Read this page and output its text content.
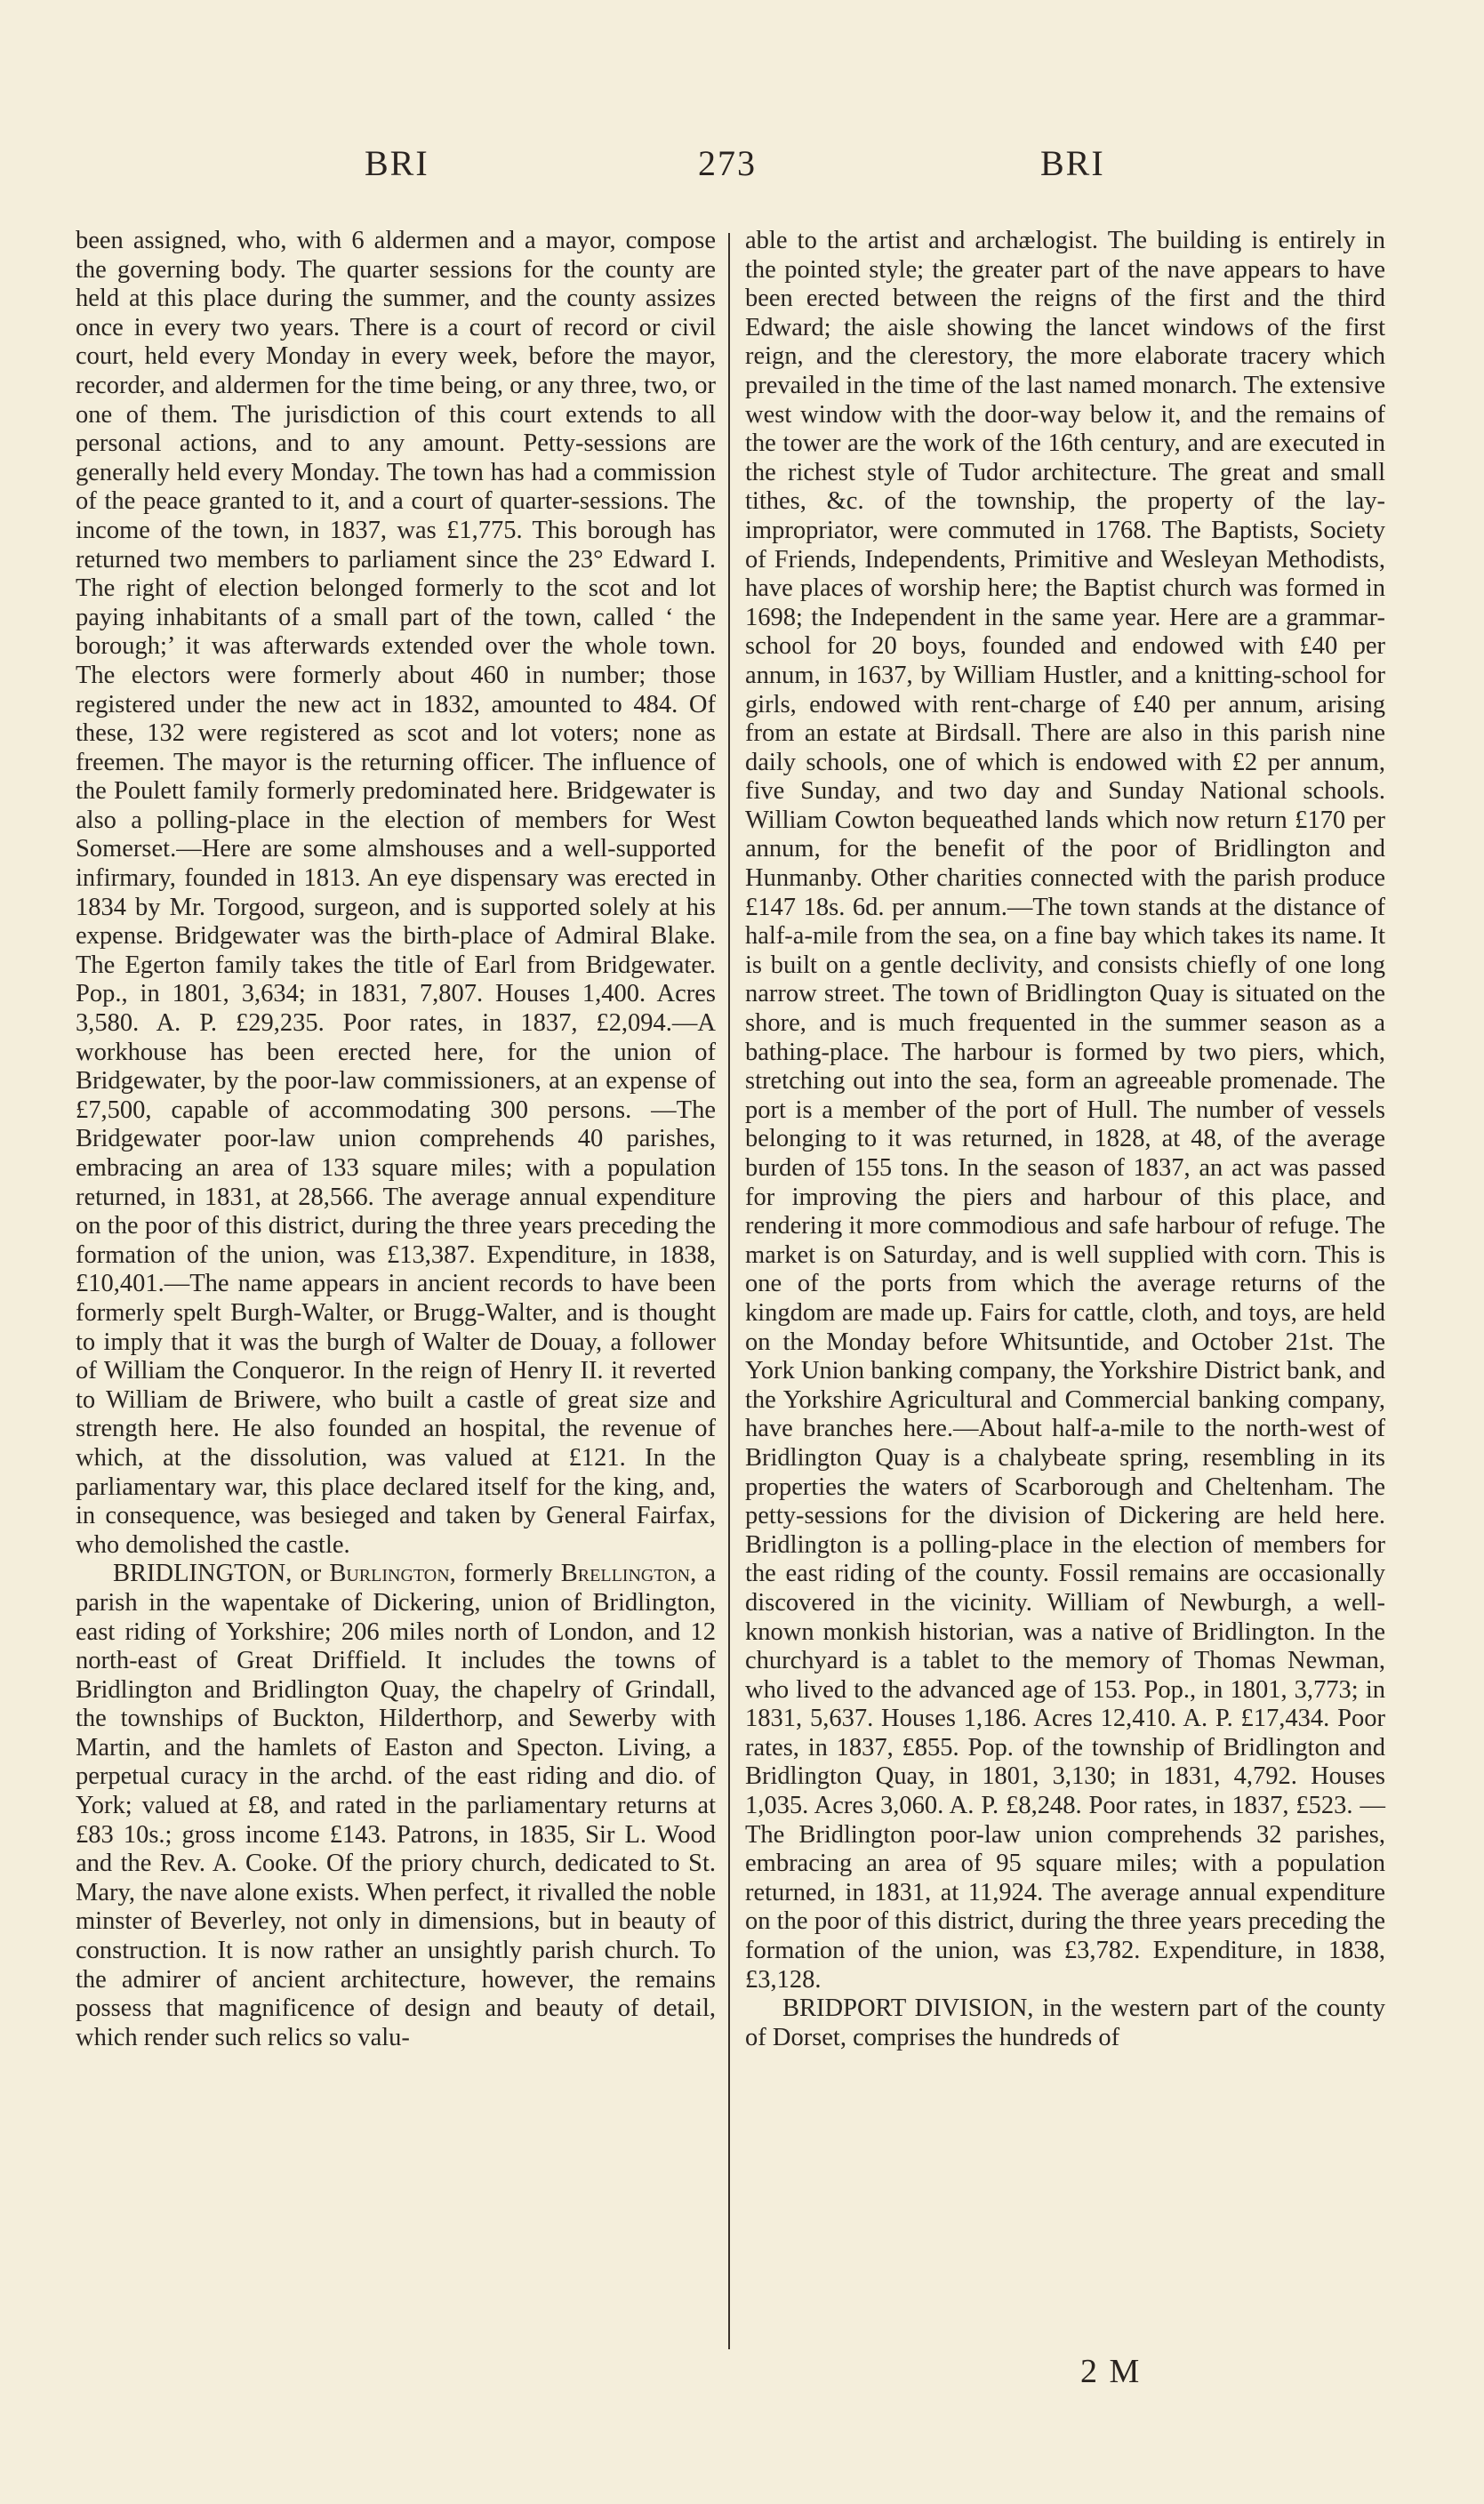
BRI	273	BRI

been assigned, who, with 6 aldermen and a mayor, compose the governing body. The quarter sessions for the county are held at this place during the summer, and the county assizes once in every two years. There is a court of record or civil court, held every Monday in every week, before the mayor, recorder, and aldermen for the time being, or any three, two, or one of them. The jurisdiction of this court extends to all personal actions, and to any amount. Petty-sessions are generally held every Monday. The town has had a commission of the peace granted to it, and a court of quarter-sessions. The income of the town, in 1837, was £1,775. This borough has returned two members to parliament since the 23° Edward I. The right of election belonged formerly to the scot and lot paying inhabitants of a small part of the town, called ‘ the borough;’ it was afterwards extended over the whole town. The electors were formerly about 460 in number; those registered under the new act in 1832, amounted to 484. Of these, 132 were registered as scot and lot voters; none as freemen. The mayor is the returning officer. The influence of the Poulett family formerly predominated here. Bridgewater is also a polling-place in the election of members for West Somerset.—Here are some almshouses and a well-supported infirmary, founded in 1813. An eye dispensary was erected in 1834 by Mr. Torgood, surgeon, and is supported solely at his expense. Bridgewater was the birth-place of Admiral Blake. The Egerton family takes the title of Earl from Bridgewater. Pop., in 1801, 3,634; in 1831, 7,807. Houses 1,400. Acres 3,580. A. P. £29,235. Poor rates, in 1837, £2,094.—A workhouse has been erected here, for the union of Bridgewater, by the poor-law commissioners, at an expense of £7,500, capable of accommodating 300 persons. —The Bridgewater poor-law union comprehends 40 parishes, embracing an area of 133 square miles; with a population returned, in 1831, at 28,566. The average annual expenditure on the poor of this district, during the three years preceding the formation of the union, was £13,387. Expenditure, in 1838, £10,401.—The name appears in ancient records to have been formerly spelt Burgh-Walter, or Brugg-Walter, and is thought to imply that it was the burgh of Walter de Douay, a follower of William the Conqueror. In the reign of Henry II. it reverted to William de Briwere, who built a castle of great size and strength here. He also founded an hospital, the revenue of which, at the dissolution, was valued at £121. In the parliamentary war, this place declared itself for the king, and, in consequence, was besieged and taken by General Fairfax, who demolished the castle.

BRIDLINGTON, or Burlington, formerly Brellington, a parish in the wapentake of Dickering, union of Bridlington, east riding of Yorkshire; 206 miles north of London, and 12 north-east of Great Driffield. It includes the towns of Bridlington and Bridlington Quay, the chapelry of Grindall, the townships of Buckton, Hilderthorp, and Sewerby with Martin, and the hamlets of Easton and Specton. Living, a perpetual curacy in the archd. of the east riding and dio. of York; valued at £8, and rated in the parliamentary returns at £83 10s.; gross income £143. Patrons, in 1835, Sir L. Wood and the Rev. A. Cooke. Of the priory church, dedicated to St. Mary, the nave alone exists. When perfect, it rivalled the noble minster of Beverley, not only in dimensions, but in beauty of construction. It is now rather an unsightly parish church. To the admirer of ancient architecture, however, the remains possess that magnificence of design and beauty of detail, which render such relics so valu-

able to the artist and archælogist. The building is entirely in the pointed style; the greater part of the nave appears to have been erected between the reigns of the first and the third Edward; the aisle showing the lancet windows of the first reign, and the clerestory, the more elaborate tracery which prevailed in the time of the last named monarch. The extensive west window with the door-way below it, and the remains of the tower are the work of the 16th century, and are executed in the richest style of Tudor architecture. The great and small tithes, &c. of the township, the property of the lay-impropriator, were commuted in 1768. The Baptists, Society of Friends, Independents, Primitive and Wesleyan Methodists, have places of worship here; the Baptist church was formed in 1698; the Independent in the same year. Here are a grammar-school for 20 boys, founded and endowed with £40 per annum, in 1637, by William Hustler, and a knitting-school for girls, endowed with rent-charge of £40 per annum, arising from an estate at Birdsall. There are also in this parish nine daily schools, one of which is endowed with £2 per annum, five Sunday, and two day and Sunday National schools. William Cowton bequeathed lands which now return £170 per annum, for the benefit of the poor of Bridlington and Hunmanby. Other charities connected with the parish produce £147 18s. 6d. per annum.—The town stands at the distance of half-a-mile from the sea, on a fine bay which takes its name. It is built on a gentle declivity, and consists chiefly of one long narrow street. The town of Bridlington Quay is situated on the shore, and is much frequented in the summer season as a bathing-place. The harbour is formed by two piers, which, stretching out into the sea, form an agreeable promenade. The port is a member of the port of Hull. The number of vessels belonging to it was returned, in 1828, at 48, of the average burden of 155 tons. In the season of 1837, an act was passed for improving the piers and harbour of this place, and rendering it more commodious and safe harbour of refuge. The market is on Saturday, and is well supplied with corn. This is one of the ports from which the average returns of the kingdom are made up. Fairs for cattle, cloth, and toys, are held on the Monday before Whitsuntide, and October 21st. The York Union banking company, the Yorkshire District bank, and the Yorkshire Agricultural and Commercial banking company, have branches here.—About half-a-mile to the north-west of Bridlington Quay is a chalybeate spring, resembling in its properties the waters of Scarborough and Cheltenham. The petty-sessions for the division of Dickering are held here. Bridlington is a polling-place in the election of members for the east riding of the county. Fossil remains are occasionally discovered in the vicinity. William of Newburgh, a well-known monkish historian, was a native of Bridlington. In the churchyard is a tablet to the memory of Thomas Newman, who lived to the advanced age of 153. Pop., in 1801, 3,773; in 1831, 5,637. Houses 1,186. Acres 12,410. A. P. £17,434. Poor rates, in 1837, £855. Pop. of the township of Bridlington and Bridlington Quay, in 1801, 3,130; in 1831, 4,792. Houses 1,035. Acres 3,060. A. P. £8,248. Poor rates, in 1837, £523. —The Bridlington poor-law union comprehends 32 parishes, embracing an area of 95 square miles; with a population returned, in 1831, at 11,924. The average annual expenditure on the poor of this district, during the three years preceding the formation of the union, was £3,782. Expenditure, in 1838, £3,128.

BRIDPORT DIVISION, in the western part of the county of Dorset, comprises the hundreds of

2 M
